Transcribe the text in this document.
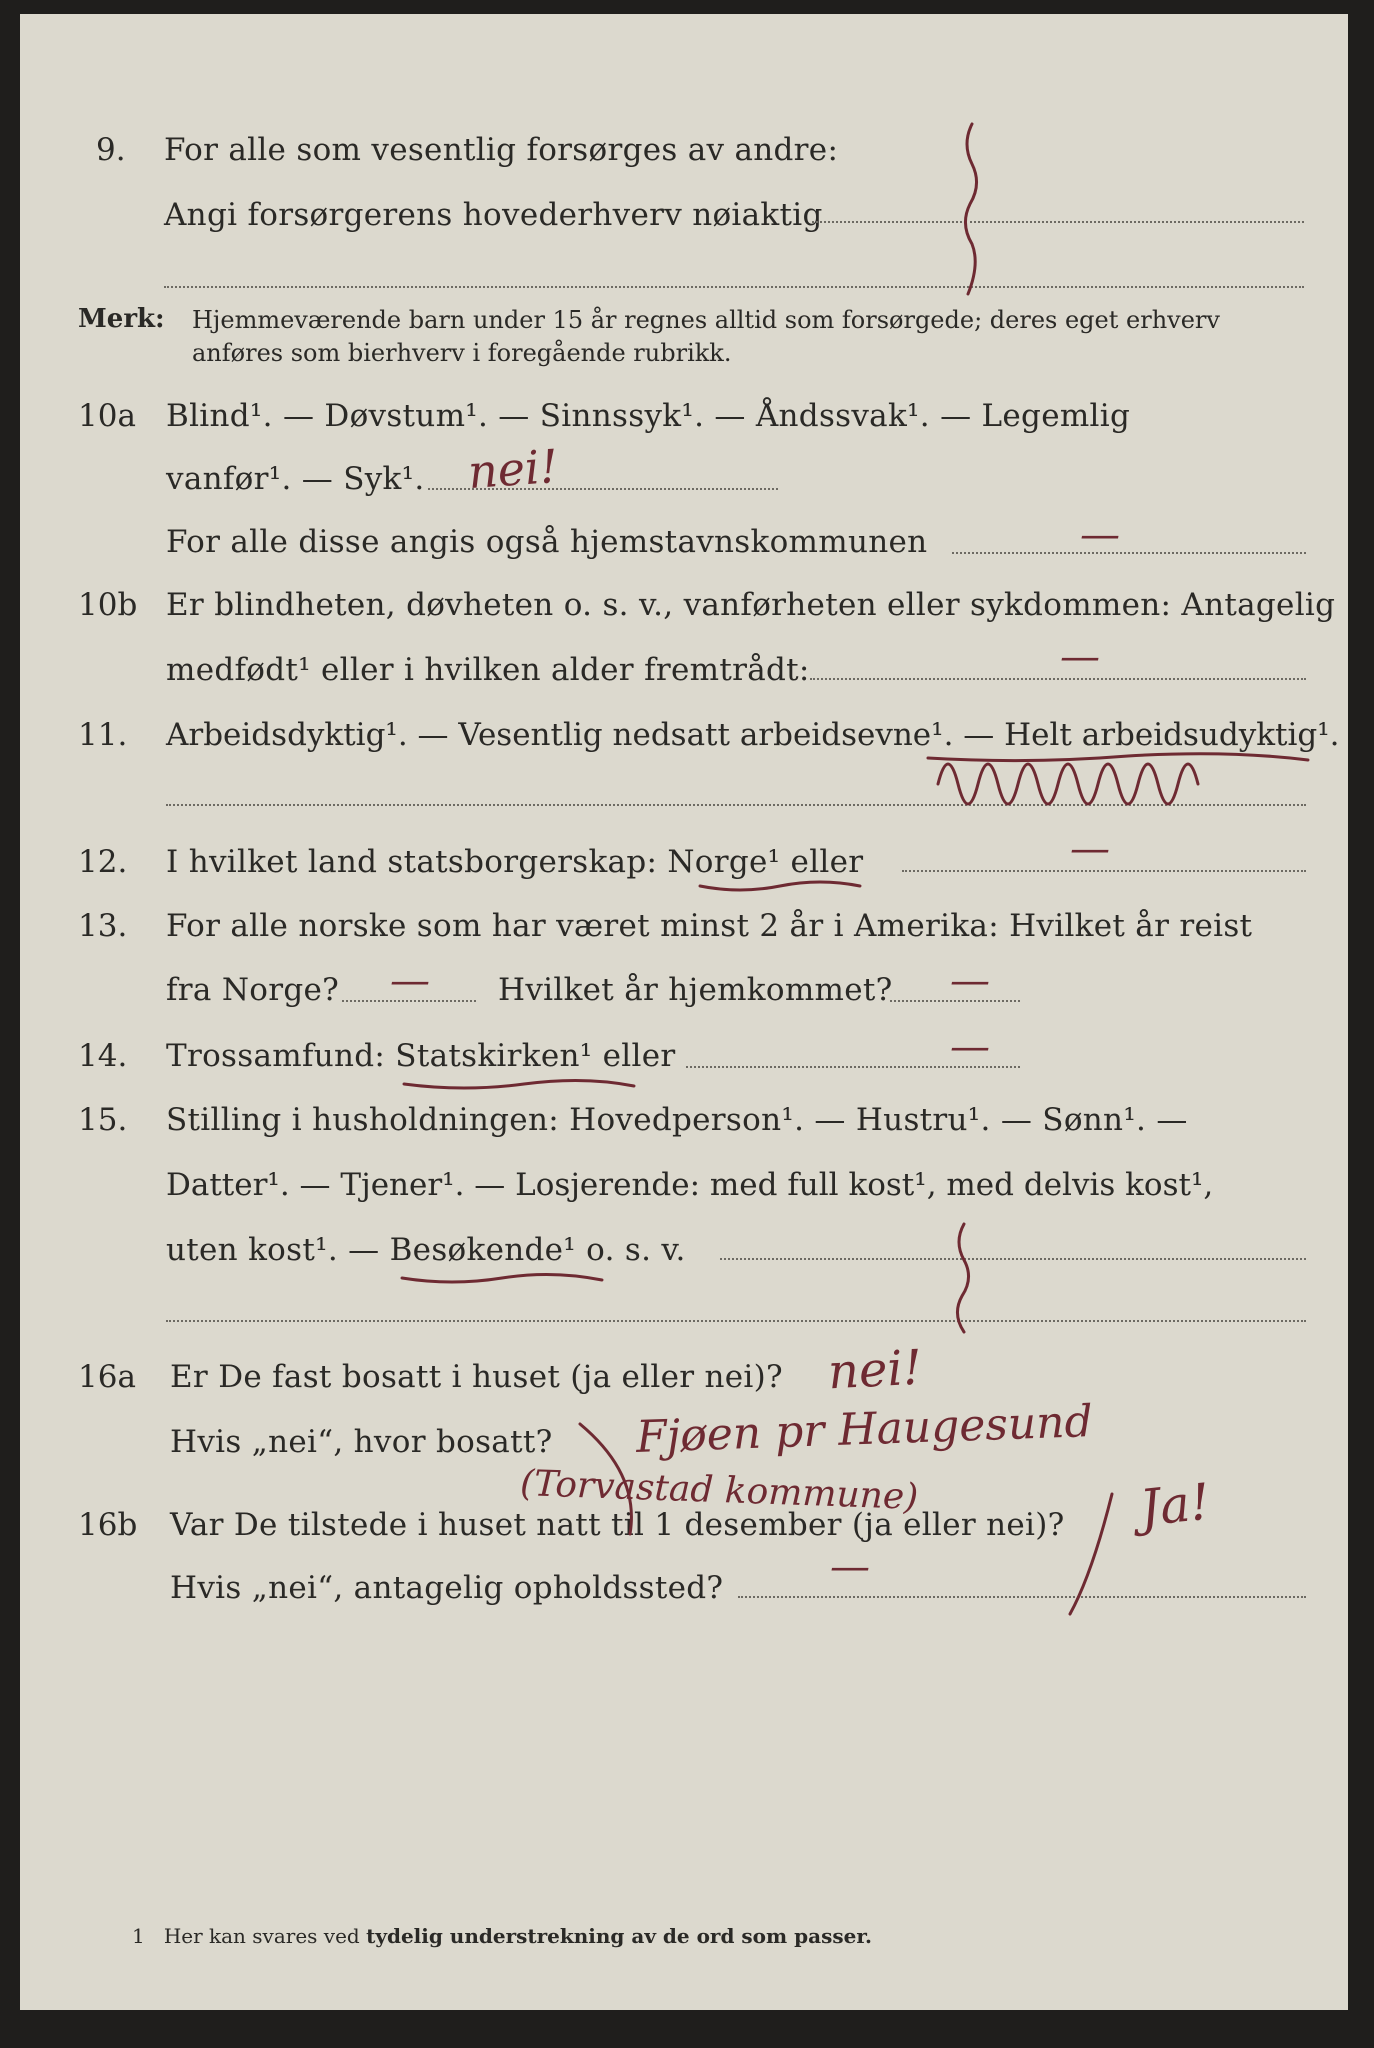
9. For alle som vesentlig forsørges av andre:
Angi forsørgerens hovederhverv nøiaktig
Merk: Hjemmeværende barn under 15 år regnes alltid som forsørgede; deres eget erhverv
anføres som bierhverv i foregående rubrikk.
10a Blind¹. — Døvstum¹. — Sinnssyk¹. — Åndssvak¹. — Legemlig
vanfør¹. — Syk¹.
For alle disse angis også hjemstavnskommunen
10b Er blindheten, døvheten o. s. v., vanførheten eller sykdommen: Antagelig
medfødt¹ eller i hvilken alder fremtrådt:
11. Arbeidsdyktig¹. — Vesentlig nedsatt arbeidsevne¹. — Helt arbeidsudyktig¹.
12. I hvilket land statsborgerskap: Norge¹ eller
13. For alle norske som har været minst 2 år i Amerika: Hvilket år reist
fra Norge?	Hvilket år hjemkommet?
14. Trossamfund: Statskirken¹ eller
15. Stilling i husholdningen: Hovedperson¹. — Hustru¹. — Sønn¹. —
Datter¹. — Tjener¹. — Losjerende: med full kost¹, med delvis kost¹,
uten kost¹. — Besøkende¹ o. s. v.
16a Er De fast bosatt i huset (ja eller nei)?
Hvis „nei“, hvor bosatt?
16b Var De tilstede i huset natt til 1 desember (ja eller nei)?
Hvis „nei“, antagelig opholdssted?
1 Her kan svares ved tydelig understrekning av de ord som passer.
nei!
—
—
—
—	—
—
nei!
Fjøen pr Haugesund
(Torvastad kommune)	Ja!
—
